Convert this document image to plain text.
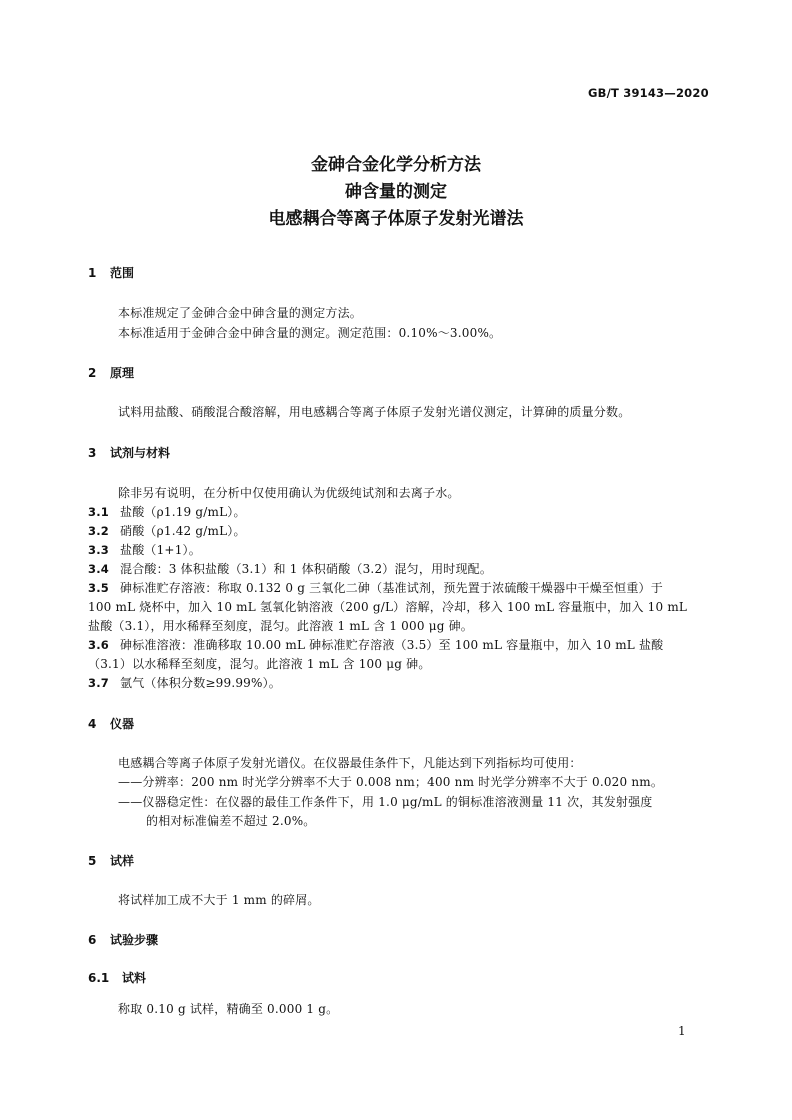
GB/T 39143—2020
金砷合金化学分析方法
砷含量的测定
电感耦合等离子体原子发射光谱法
1 范围
本标准规定了金砷合金中砷含量的测定方法。
本标准适用于金砷合金中砷含量的测定。测定范围：0.10%～3.00%。
2 原理
试料用盐酸、硝酸混合酸溶解，用电感耦合等离子体原子发射光谱仪测定，计算砷的质量分数。
3 试剂与材料
除非另有说明，在分析中仅使用确认为优级纯试剂和去离子水。
3.1 盐酸（ρ1.19 g/mL）。
3.2 硝酸（ρ1.42 g/mL）。
3.3 盐酸（1+1）。
3.4 混合酸：3 体积盐酸（3.1）和 1 体积硝酸（3.2）混匀，用时现配。
3.5 砷标准贮存溶液：称取 0.132 0 g 三氧化二砷（基准试剂，预先置于浓硫酸干燥器中干燥至恒重）于
100 mL 烧杯中，加入 10 mL 氢氧化钠溶液（200 g/L）溶解，冷却，移入 100 mL 容量瓶中，加入 10 mL
盐酸（3.1），用水稀释至刻度，混匀。此溶液 1 mL 含 1 000 μg 砷。
3.6 砷标准溶液：准确移取 10.00 mL 砷标准贮存溶液（3.5）至 100 mL 容量瓶中，加入 10 mL 盐酸
（3.1）以水稀释至刻度，混匀。此溶液 1 mL 含 100 μg 砷。
3.7 氩气（体积分数≥99.99%）。
4 仪器
电感耦合等离子体原子发射光谱仪。在仪器最佳条件下，凡能达到下列指标均可使用：
——分辨率：200 nm 时光学分辨率不大于 0.008 nm；400 nm 时光学分辨率不大于 0.020 nm。
——仪器稳定性：在仪器的最佳工作条件下，用 1.0 μg/mL 的铜标准溶液测量 11 次，其发射强度
的相对标准偏差不超过 2.0%。
5 试样
将试样加工成不大于 1 mm 的碎屑。
6 试验步骤
6.1 试料
称取 0.10 g 试样，精确至 0.000 1 g。
1
